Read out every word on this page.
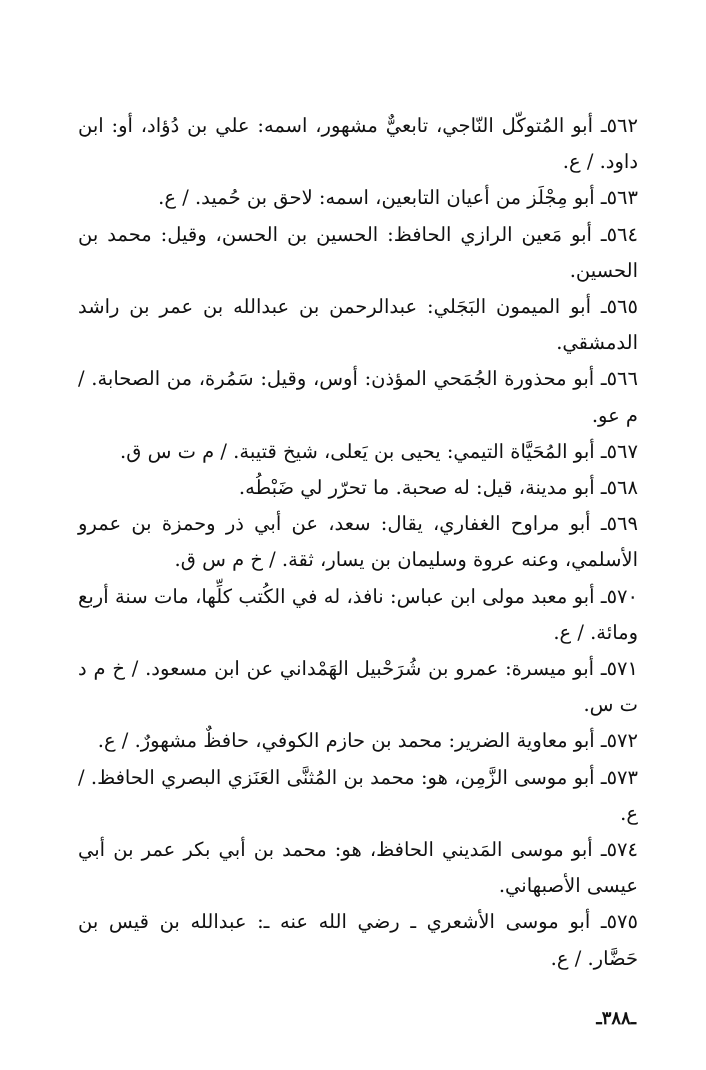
٥٦٢ـ أبو المُتوكّل النّاجي، تابعيٌّ مشهور، اسمه: علي بن دُؤاد، أو: ابن داود. / ع.

٥٦٣ـ أبو مِجْلَز من أعيان التابعين، اسمه: لاحق بن حُميد. / ع.

٥٦٤ـ أبو مَعين الرازي الحافظ: الحسين بن الحسن، وقيل: محمد بن الحسين.

٥٦٥ـ أبو الميمون البَجَلي: عبدالرحمن بن عبدالله بن عمر بن راشد الدمشقي.

٥٦٦ـ أبو محذورة الجُمَحي المؤذن: أوس، وقيل: سَمُرة، من الصحابة. / م عو.

٥٦٧ـ أبو المُحَيَّاة التيمي: يحيى بن يَعلى، شيخ قتيبة. / م ت س ق.

٥٦٨ـ أبو مدينة، قيل: له صحبة. ما تحرّر لي ضَبْطُه.

٥٦٩ـ أبو مراوح الغفاري، يقال: سعد، عن أبي ذر وحمزة بن عمرو الأسلمي، وعنه عروة وسليمان بن يسار، ثقة. / خ م س ق.

٥٧٠ـ أبو معبد مولى ابن عباس: نافذ، له في الكُتب كلِّها، مات سنة أربع ومائة. / ع.

٥٧١ـ أبو ميسرة: عمرو بن شُرَحْبيل الهَمْداني عن ابن مسعود. / خ م د ت س.

٥٧٢ـ أبو معاوية الضرير: محمد بن حازم الكوفي، حافظٌ مشهورٌ. / ع.

٥٧٣ـ أبو موسى الزَّمِن، هو: محمد بن المُثنَّى العَنَزي البصري الحافظ. / ع.

٥٧٤ـ أبو موسى المَديني الحافظ، هو: محمد بن أبي بكر عمر بن أبي عيسى الأصبهاني.

٥٧٥ـ أبو موسى الأشعري ـ رضي الله عنه ـ: عبدالله بن قيس بن حَضَّار. / ع.

ـ٣٨٨ـ
